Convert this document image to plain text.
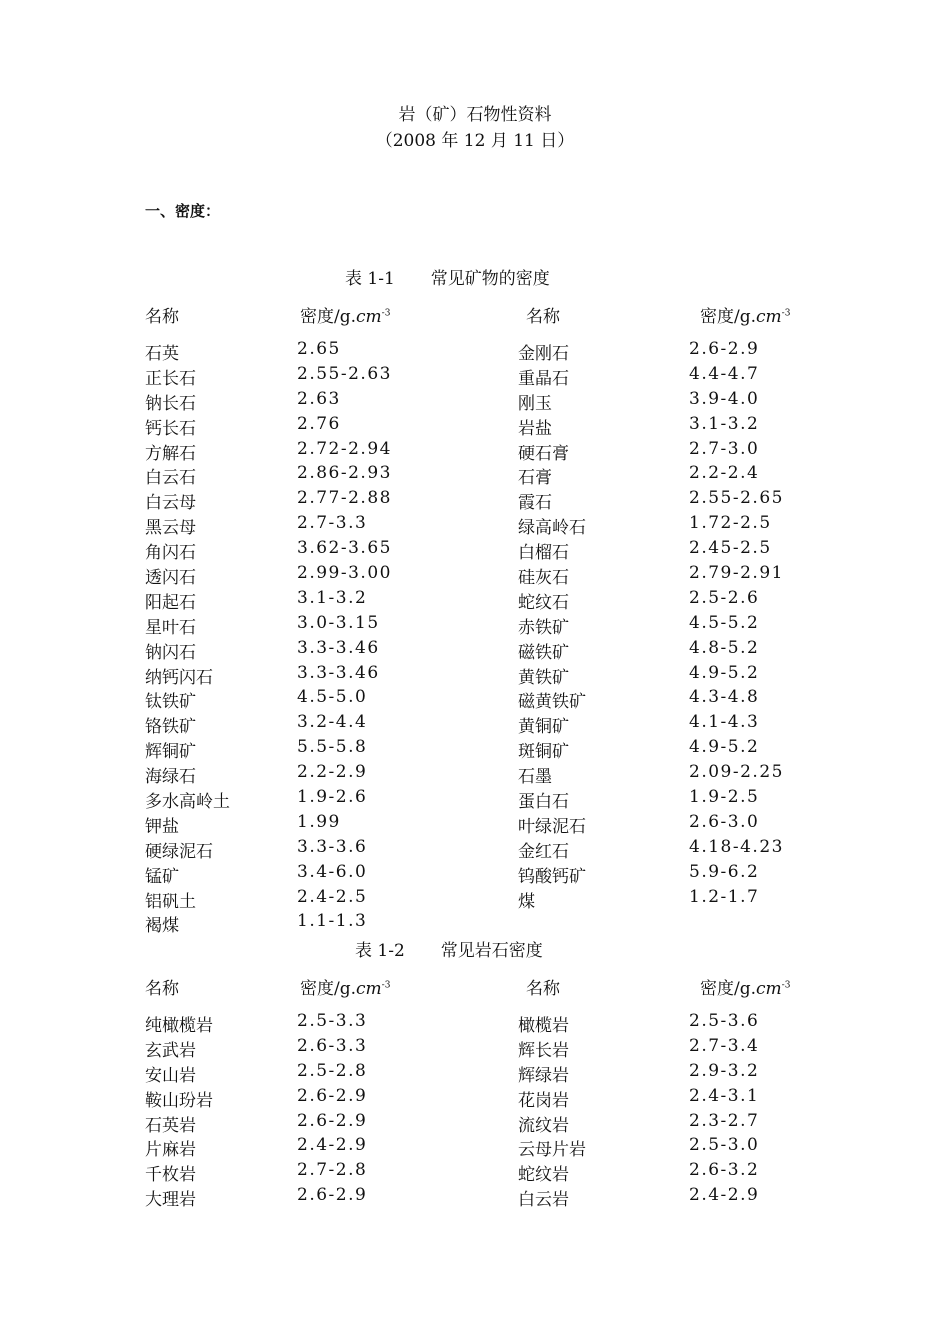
岩（矿）石物性资料
（2008 年 12 月 11 日）
一、密度：
表 1-1 常见矿物的密度
名称	密度$/g.cm^{-3}$	名称	密度$/g.cm^{-3}$
石英	2.65	金刚石	2.6-2.9
正长石	2.55-2.63	重晶石	4.4-4.7
钠长石	2.63	刚玉	3.9-4.0
钙长石	2.76	岩盐	3.1-3.2
方解石	2.72-2.94	硬石膏	2.7-3.0
白云石	2.86-2.93	石膏	2.2-2.4
白云母	2.77-2.88	霞石	2.55-2.65
黑云母	2.7-3.3	绿高岭石	1.72-2.5
角闪石	3.62-3.65	白榴石	2.45-2.5
透闪石	2.99-3.00	硅灰石	2.79-2.91
阳起石	3.1-3.2	蛇纹石	2.5-2.6
星叶石	3.0-3.15	赤铁矿	4.5-5.2
钠闪石	3.3-3.46	磁铁矿	4.8-5.2
纳钙闪石	3.3-3.46	黄铁矿	4.9-5.2
钛铁矿	4.5-5.0	磁黄铁矿	4.3-4.8
铬铁矿	3.2-4.4	黄铜矿	4.1-4.3
辉铜矿	5.5-5.8	斑铜矿	4.9-5.2
海绿石	2.2-2.9	石墨	2.09-2.25
多水高岭土	1.9-2.6	蛋白石	1.9-2.5
钾盐	1.99	叶绿泥石	2.6-3.0
硬绿泥石	3.3-3.6	金红石	4.18-4.23
锰矿	3.4-6.0	钨酸钙矿	5.9-6.2
铝矾土	2.4-2.5	煤	1.2-1.7
褐煤	1.1-1.3
表 1-2 常见岩石密度
名称	密度$/g.cm^{-3}$	名称	密度$/g.cm^{-3}$
纯橄榄岩	2.5-3.3	橄榄岩	2.5-3.6
玄武岩	2.6-3.3	辉长岩	2.7-3.4
安山岩	2.5-2.8	辉绿岩	2.9-3.2
鞍山玢岩	2.6-2.9	花岗岩	2.4-3.1
石英岩	2.6-2.9	流纹岩	2.3-2.7
片麻岩	2.4-2.9	云母片岩	2.5-3.0
千枚岩	2.7-2.8	蛇纹岩	2.6-3.2
大理岩	2.6-2.9	白云岩	2.4-2.9
